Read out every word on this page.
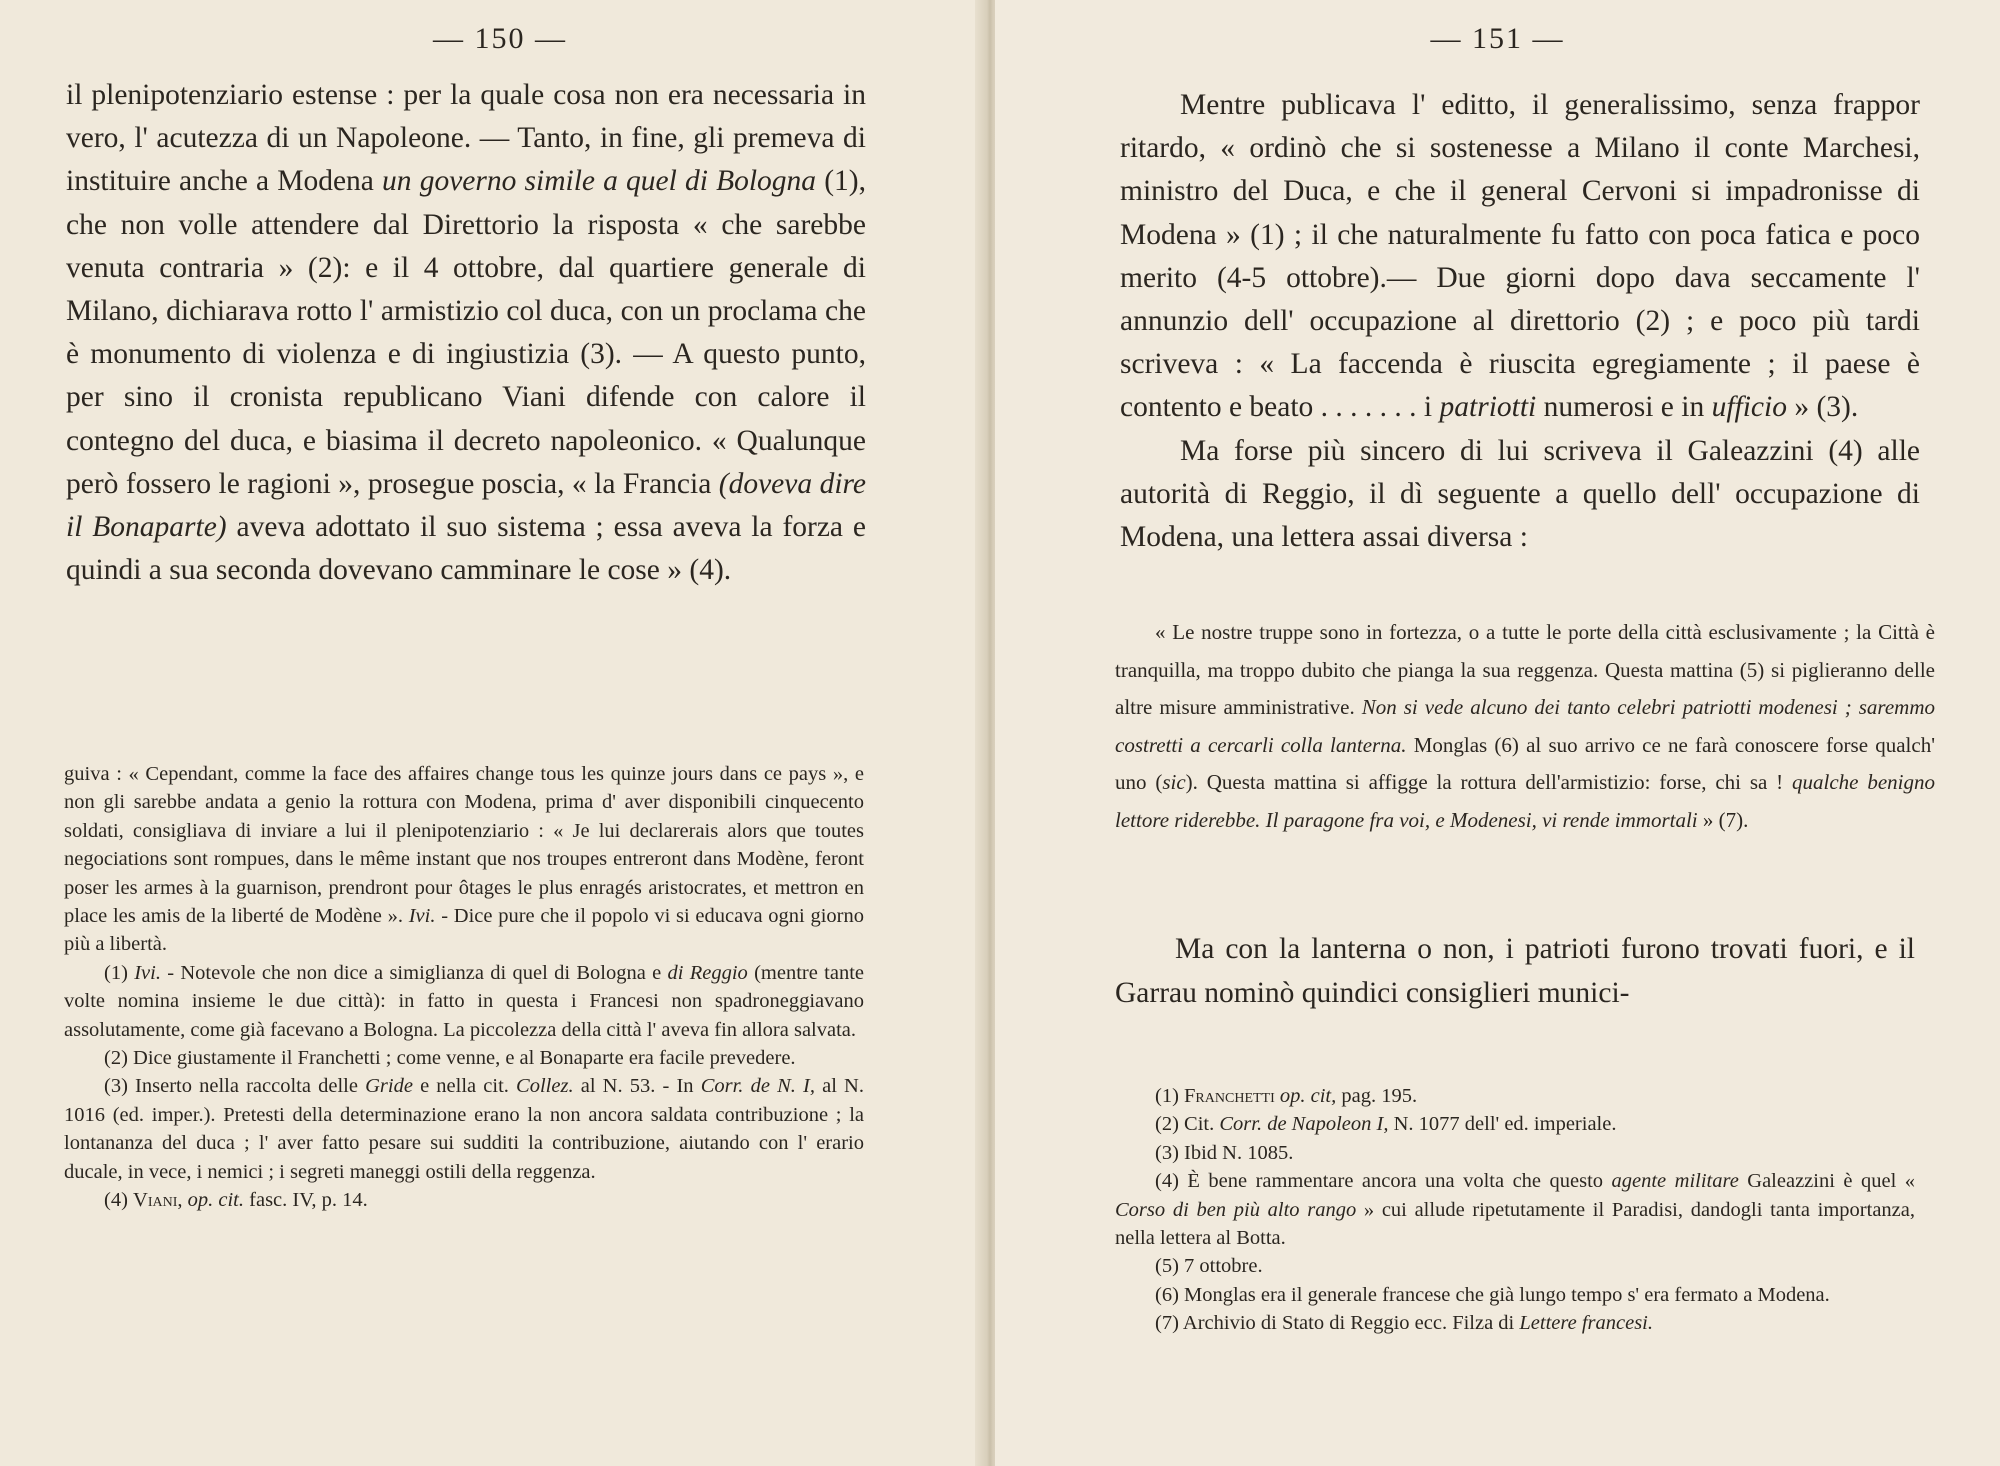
— 150 —

il plenipotenziario estense : per la quale cosa non era necessaria in vero, l' acutezza di un Napoleone. — Tanto, in fine, gli premeva di instituire anche a Modena un governo simile a quel di Bologna (1), che non volle attendere dal Direttorio la risposta « che sarebbe venuta contraria » (2): e il 4 ottobre, dal quartiere generale di Milano, dichiarava rotto l' armistizio col duca, con un proclama che è monumento di violenza e di ingiustizia (3). — A questo punto, per sino il cronista republicano Viani difende con calore il contegno del duca, e biasima il decreto napoleonico. « Qualunque però fossero le ragioni », prosegue poscia, « la Francia (doveva dire il Bonaparte) aveva adottato il suo sistema ; essa aveva la forza e quindi a sua seconda dovevano camminare le cose » (4).

guiva : « Cependant, comme la face des affaires change tous les quinze jours dans ce pays », e non gli sarebbe andata a genio la rottura con Modena, prima d' aver disponibili cinquecento soldati, consigliava di inviare a lui il plenipotenziario : « Je lui declarerais alors que toutes negociations sont rompues, dans le même instant que nos troupes entreront dans Modène, feront poser les armes à la guarnison, prendront pour ôtages le plus enragés aristocrates, et mettron en place les amis de la liberté de Modène ». Ivi. - Dice pure che il popolo vi si educava ogni giorno più a libertà.

(1) Ivi. - Notevole che non dice a simiglianza di quel di Bologna e di Reggio (mentre tante volte nomina insieme le due città): in fatto in questa i Francesi non spadroneggiavano assolutamente, come già facevano a Bologna. La piccolezza della città l' aveva fin allora salvata.

(2) Dice giustamente il Franchetti ; come venne, e al Bonaparte era facile prevedere.

(3) Inserto nella raccolta delle Gride e nella cit. Collez. al N. 53. - In Corr. de N. I, al N. 1016 (ed. imper.). Pretesti della determinazione erano la non ancora saldata contribuzione ; la lontananza del duca ; l' aver fatto pesare sui sudditi la contribuzione, aiutando con l' erario ducale, in vece, i nemici ; i segreti maneggi ostili della reggenza.

(4) Viani, op. cit. fasc. IV, p. 14.

— 151 —

Mentre publicava l' editto, il generalissimo, senza frappor ritardo, « ordinò che si sostenesse a Milano il conte Marchesi, ministro del Duca, e che il general Cervoni si impadronisse di Modena » (1) ; il che naturalmente fu fatto con poca fatica e poco merito (4-5 ottobre).— Due giorni dopo dava seccamente l' annunzio dell' occupazione al direttorio (2) ; e poco più tardi scriveva : « La faccenda è riuscita egregiamente ; il paese è contento e beato . . . . . . . i patriotti numerosi e in ufficio » (3).

Ma forse più sincero di lui scriveva il Galeazzini (4) alle autorità di Reggio, il dì seguente a quello dell' occupazione di Modena, una lettera assai diversa :

« Le nostre truppe sono in fortezza, o a tutte le porte della città esclusivamente ; la Città è tranquilla, ma troppo dubito che pianga la sua reggenza. Questa mattina (5) si piglieranno delle altre misure amministrative. Non si vede alcuno dei tanto celebri patriotti modenesi ; saremmo costretti a cercarli colla lanterna. Monglas (6) al suo arrivo ce ne farà conoscere forse qualch' uno (sic). Questa mattina si affigge la rottura dell'armistizio: forse, chi sa ! qualche benigno lettore riderebbe. Il paragone fra voi, e Modenesi, vi rende immortali » (7).

Ma con la lanterna o non, i patrioti furono trovati fuori, e il Garrau nominò quindici consiglieri munici-

(1) Franchetti op. cit, pag. 195.

(2) Cit. Corr. de Napoleon I, N. 1077 dell' ed. imperiale.

(3) Ibid N. 1085.

(4) È bene rammentare ancora una volta che questo agente militare Galeazzini è quel « Corso di ben più alto rango » cui allude ripetutamente il Paradisi, dandogli tanta importanza, nella lettera al Botta.

(5) 7 ottobre.

(6) Monglas era il generale francese che già lungo tempo s' era fermato a Modena.

(7) Archivio di Stato di Reggio ecc. Filza di Lettere francesi.
